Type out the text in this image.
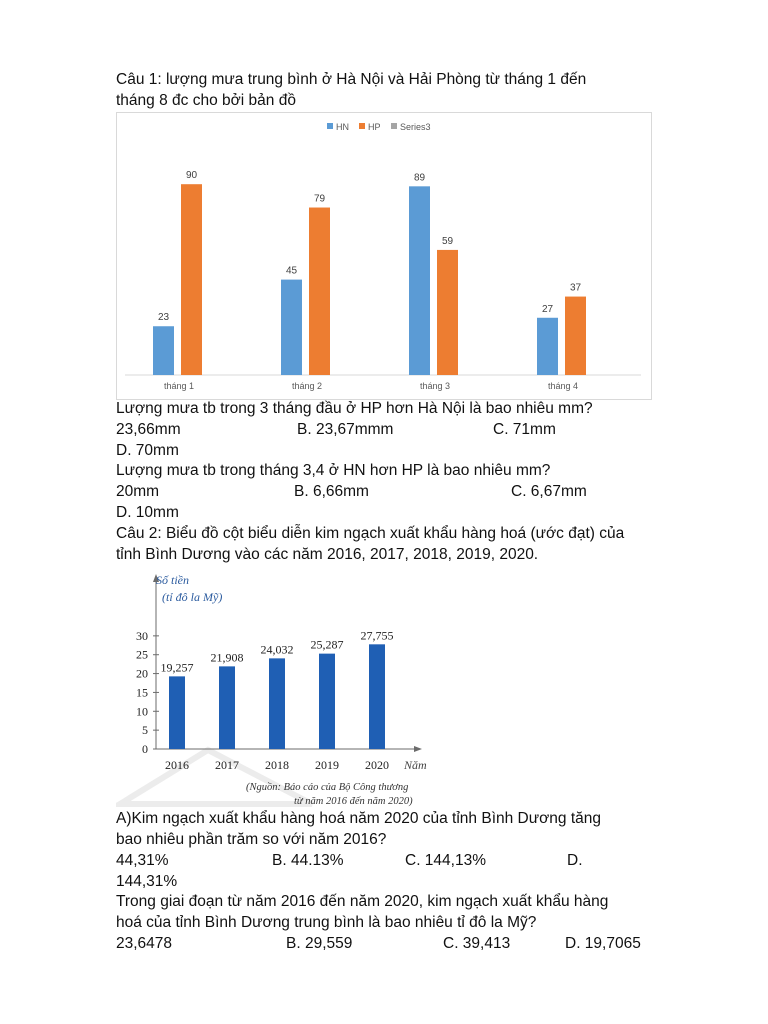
Câu 1: lượng mưa trung bình ở Hà Nội và Hải Phòng từ tháng 1 đến
tháng 8 đc cho bởi bản đồ
HN HP Series3
23
90
tháng 1
45
79
tháng 2
89
59
tháng 3
27
37
tháng 4
Lượng mưa tb trong 3 tháng đầu ở HP hơn Hà Nội là bao nhiêu mm?
23,66mm	B. 23,67mmm	C. 71mm
D. 70mm
Lượng mưa tb trong tháng 3,4 ở HN hơn HP là bao nhiêu mm?
20mm	B. 6,66mm	C. 6,67mm
D. 10mm
Câu 2: Biểu đồ cột biểu diễn kim ngạch xuất khẩu hàng hoá (ước đạt) của
tỉnh Bình Dương vào các năm 2016, 2017, 2018, 2019, 2020.
Số tiền
(tỉ đô la Mỹ)
Năm
0
5
10
15
20
25
30
19,257
2016
21,908
2017
24,032
2018
25,287
2019
27,755
2020
(Nguồn: Báo cáo của Bộ Công thương
từ năm 2016 đến năm 2020)
A)Kim ngạch xuất khẩu hàng hoá năm 2020 của tỉnh Bình Dương tăng
bao nhiêu phần trăm so với năm 2016?
44,31%	B. 44.13%	C. 144,13%	D.
144,31%
Trong giai đoạn từ năm 2016 đến năm 2020, kim ngạch xuất khẩu hàng
hoá của tỉnh Bình Dương trung bình là bao nhiêu tỉ đô la Mỹ?
23,6478	B. 29,559	C. 39,413	D. 19,7065
